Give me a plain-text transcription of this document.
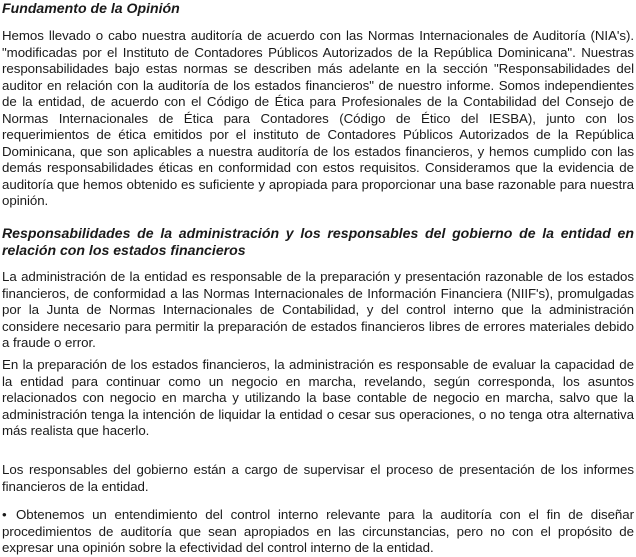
Fundamento de la Opinión

Hemos llevado o cabo nuestra auditoría de acuerdo con las Normas Internacionales de Auditoría (NIA's). "modificadas por el Instituto de Contadores Públicos Autorizados de la República Dominicana". Nuestras responsabilidades bajo estas normas se describen más adelante en la sección "Responsabilidades del auditor en relación con la auditoría de los estados financieros" de nuestro informe. Somos independientes de la entidad, de acuerdo con el Código de Ética para Profesionales de la Contabilidad del Consejo de Normas Internacionales de Ética para Contadores (Código de Ético del IESBA), junto con los requerimientos de ética emitidos por el instituto de Contadores Públicos Autorizados de la República Dominicana, que son aplicables a nuestra auditoría de los estados financieros, y hemos cumplido con las demás responsabilidades éticas en conformidad con estos requisitos. Consideramos que la evidencia de auditoría que hemos obtenido es suficiente y apropiada para proporcionar una base razonable para nuestra opinión.

Responsabilidades de la administración y los responsables del gobierno de la entidad en relación con los estados financieros

La administración de la entidad es responsable de la preparación y presentación razonable de los estados financieros, de conformidad a las Normas Internacionales de Información Financiera (NIIF's), promulgadas por la Junta de Normas Internacionales de Contabilidad, y del control interno que la administración considere necesario para permitir la preparación de estados financieros libres de errores materiales debido a fraude o error.

En la preparación de los estados financieros, la administración es responsable de evaluar la capacidad de la entidad para continuar como un negocio en marcha, revelando, según corresponda, los asuntos relacionados con negocio en marcha y utilizando la base contable de negocio en marcha, salvo que la administración tenga la intención de liquidar la entidad o cesar sus operaciones, o no tenga otra alternativa más realista que hacerlo.

Los responsables del gobierno están a cargo de supervisar el proceso de presentación de los informes financieros de la entidad.

• Obtenemos un entendimiento del control interno relevante para la auditoría con el fin de diseñar procedimientos de auditoría que sean apropiados en las circunstancias, pero no con el propósito de expresar una opinión sobre la efectividad del control interno de la entidad.
